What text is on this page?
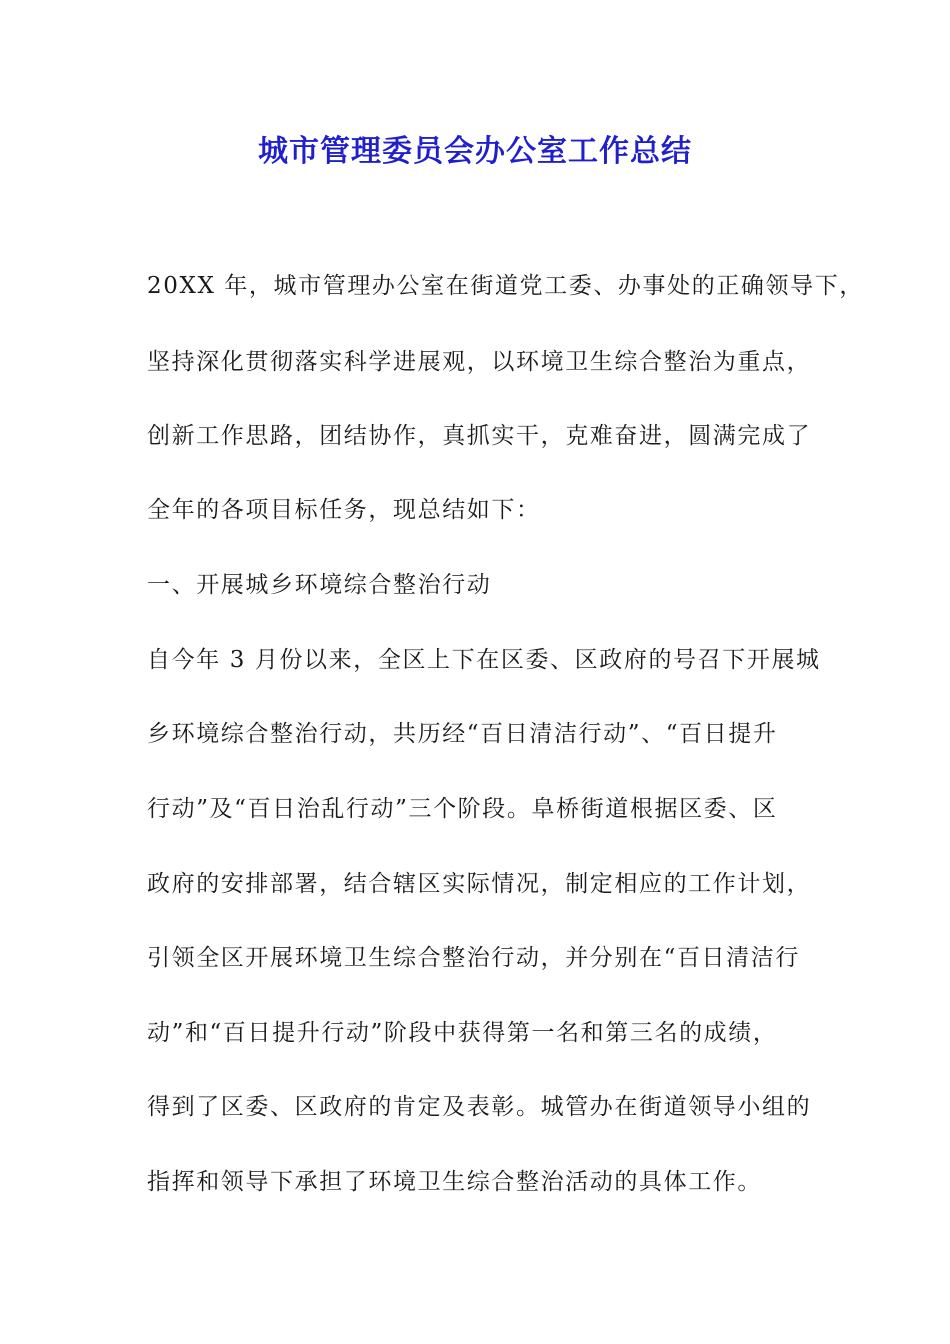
城市管理委员会办公室工作总结
20XX 年，城市管理办公室在街道党工委、办事处的正确领导下，
坚持深化贯彻落实科学进展观，以环境卫生综合整治为重点，
创新工作思路，团结协作，真抓实干，克难奋进，圆满完成了
全年的各项目标任务，现总结如下：
一、开展城乡环境综合整治行动
自今年 3 月份以来，全区上下在区委、区政府的号召下开展城
乡环境综合整治行动，共历经“百日清洁行动”、“百日提升
行动”及“百日治乱行动”三个阶段。阜桥街道根据区委、区
政府的安排部署，结合辖区实际情况，制定相应的工作计划，
引领全区开展环境卫生综合整治行动，并分别在“百日清洁行
动”和“百日提升行动”阶段中获得第一名和第三名的成绩，
得到了区委、区政府的肯定及表彰。城管办在街道领导小组的
指挥和领导下承担了环境卫生综合整治活动的具体工作。
